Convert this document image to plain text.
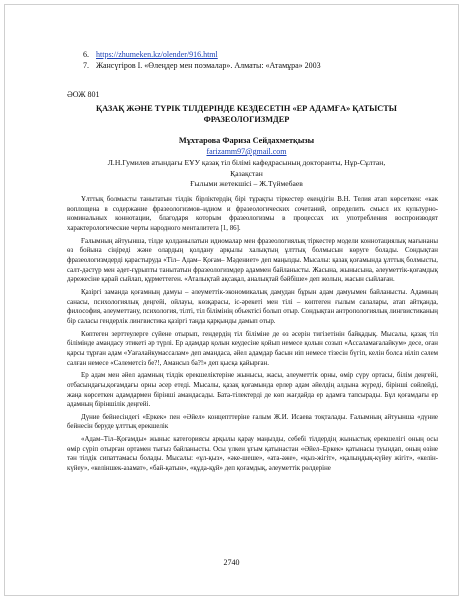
6. https://zhumeken.kz/olender/916.html
7. Жансүгіров І. «Өлеңдер мен поэмалар». Алматы: «Атамұра» 2003
ӘОЖ 801
ҚАЗАҚ ЖӘНЕ ТҮРІК ТІЛДЕРІНДЕ КЕЗДЕСЕТІН «ЕР АДАМҒА» ҚАТЫСТЫ
ФРАЗЕОЛОГИЗМДЕР
Мұхтарова Фариза Сейдахметқызы
farizamm97@gmail.com
Л.Н.Гумилев атындағы ЕҰУ қазақ тіл білімі кафедрасының докторанты, Нұр-Сұлтан,
Қазақстан
Ғылыми жетекшісі – Ж.Түймебаев

Ұлттық болмысты танытатын тілдік бірліктердің бірі тұрақты тіркестер екендігін В.Н. Телия атап көрсеткен: «как воплощена в содержание фразеологизмов–идиом и фразеологических сочетаний, определить смысл их культурно-номинальных коннотации, благодаря которым фразеологизмы в процессах их употребления воспроизводят характерологические черты народного менталитета [1, 86].

Ғалымның айтуынша, тілде қолданылатын идиомалар мен фразеологиялық тіркестер модели коннотациялық мағынаны өз бойына сіңіреді және олардың қолдану арқылы халықтың ұлттық болмысын көруге болады. Сондықтан фразеологизмдерді қарастыруда «Тіл– Адам– Қоғам– Мәдениет» деп маңызды. Мысалы: қазақ қоғамында ұлттық болмысты, салт-дәстүр мен әдет-ғұрыпты танытатын фразеологизмдер адаммен байланысты. Жасына, жынысына, әлеуметтік-қоғамдық дәрежесіне қарай сыйлап, құрметтеген. «Аталықтай ақсақал, аналықтай бәйбіше» деп жолын, жасын сыйлаған.

Қазіргі заманда қоғамның дамуы – әлеуметтік-экономикалық дамудан бұрын адам дамуымен байланысты. Адамның санасы, психологиялық деңгейі, ойлауы, көзқарасы, іс-әрекеті мен тілі – көптеген ғылым салалары, атап айтқанда, философия, әлеуметтану, психология, тілті, тіл білімінің объектісі болып отыр. Сондықтан антропологиялық лингвистиканың бір саласы гендерлік лингвистика қазіргі таңда қарқынды дамып отыр.

Көптеген зерттеулерге сүйене отырып, гендердің тіл біліміне де өз әсерін тигізетінін байқадық. Мысалы, қазақ тіл білімінде амандасу этикеті әр түрлі. Ер адамдар қолын кеудесіне қойып немесе қолын созып «Ассаламағалайкум» десе, оған қарсы тұрған адам «Уағалайкумассалам» деп амандаса, әйел адамдар басын иіп немесе тізесін бүгіп, келін болса иіліп сәлем салған немесе «Сәлеметсіз бе?!, Амансыз ба?!» деп қысқа қайырған.

Ер адам мен әйел адамның тілдік ерекшеліктеріне жынысы, жасы, әлеуметтік орны, өмір сүру ортасы, білім деңгейі, отбасындағы,қоғамдағы орны әсер етеді. Мысалы, қазақ қоғамында ерлер адам әйелдің алдына жүреді, бірінші сөйлейді, жаңа көрсеткен адамдармен бірінші амандасады. Бата-тілектерді де көп жағдайда ер адамға тапсырады. Бұл қоғамдағы ер адамның біріншілік деңгейі.

Дүние бейнесіндегі «Еркек» пен «Әйел» концепттеріне ғалым Ж.И. Исаева тоқталады. Ғалымның айтуынша «дүние бейнесін беруде ұлттық ерекшелік

«Адам–Тіл–Қоғамды» жыныс категориясы арқылы қарау маңызды, себебі тілдердің жыныстық ерекшелігі оның осы өмір сүріп отырған ортамен тығыз байланысты. Осы үлкен ұғым қатынастан «Әйел–Еркек» қатынасы туындап, оның өзіне тән тілдік сипаттамасы болады. Мысалы: «ұл-қыз», «әке-шеше», «ата-әже», «қыз-жігіт», «қалыңдық-күйеу жігіт», «келін-күйеу», «келіншек-азамат», «бай-қатын», «құда-құй» деп қоғамдық, әлеуметтік рөлдеріне

2740
